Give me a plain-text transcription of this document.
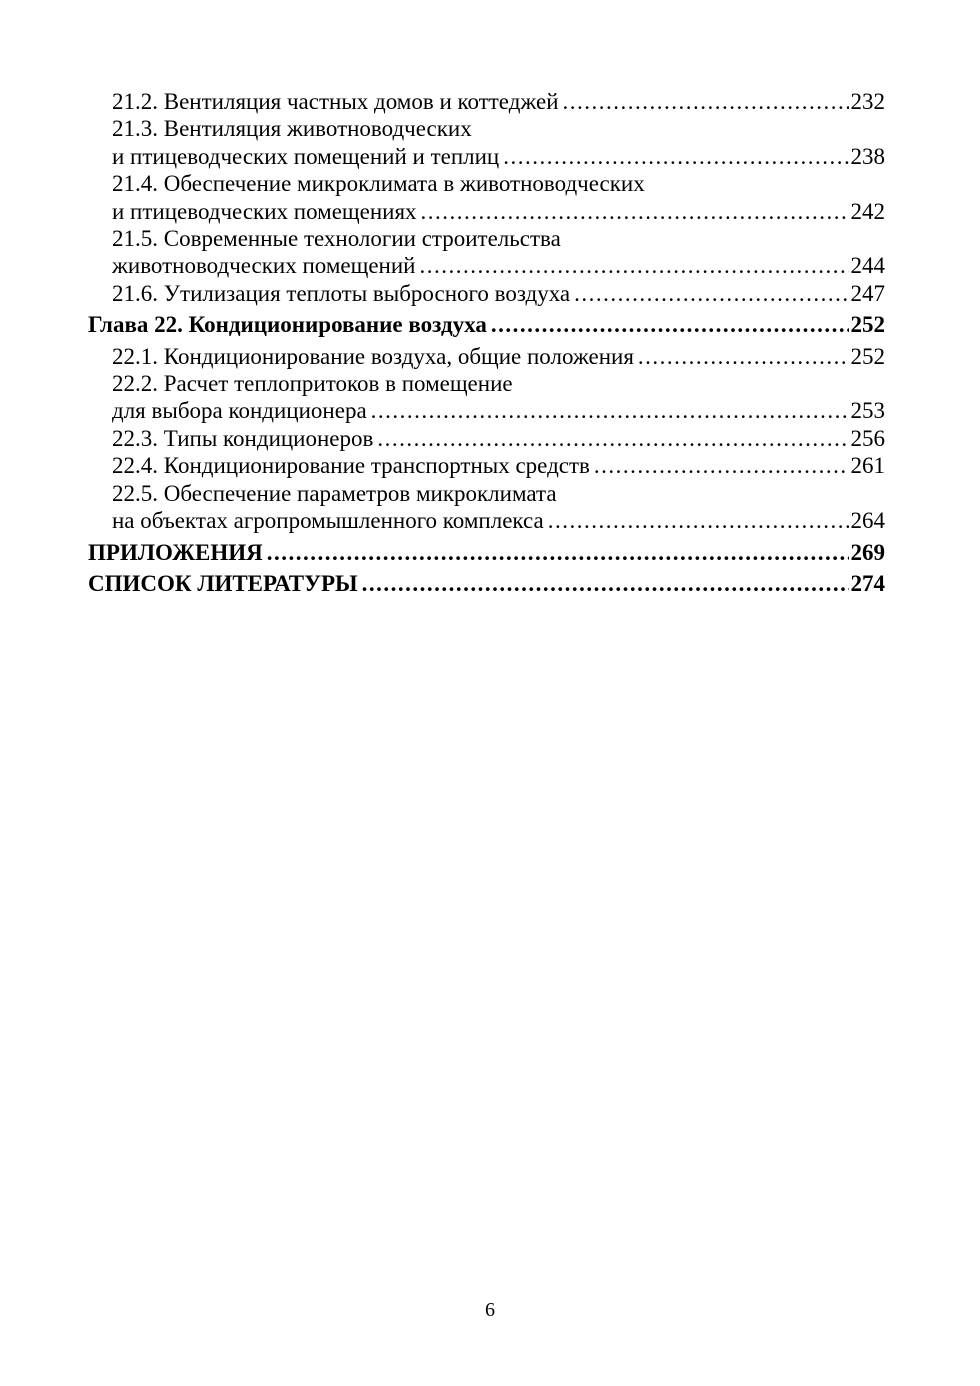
21.2. Вентиляция частных домов и коттеджей .....	232
21.3. Вентиляция животноводческих
и птицеводческих помещений и теплиц .....	238
21.4. Обеспечение микроклимата в животноводческих
и птицеводческих помещениях .....	242
21.5. Современные технологии строительства
животноводческих помещений .....	244
21.6. Утилизация теплоты выбросного воздуха .....	247
Глава 22. Кондиционирование воздуха .....	252
22.1. Кондиционирование воздуха, общие положения .....	252
22.2. Расчет теплопритоков в помещение
для выбора кондиционера .....	253
22.3. Типы кондиционеров .....	256
22.4. Кондиционирование транспортных средств .....	261
22.5. Обеспечение параметров микроклимата
на объектах агропромышленного комплекса .....	264
ПРИЛОЖЕНИЯ .....	269
СПИСОК ЛИТЕРАТУРЫ .....	274
6
